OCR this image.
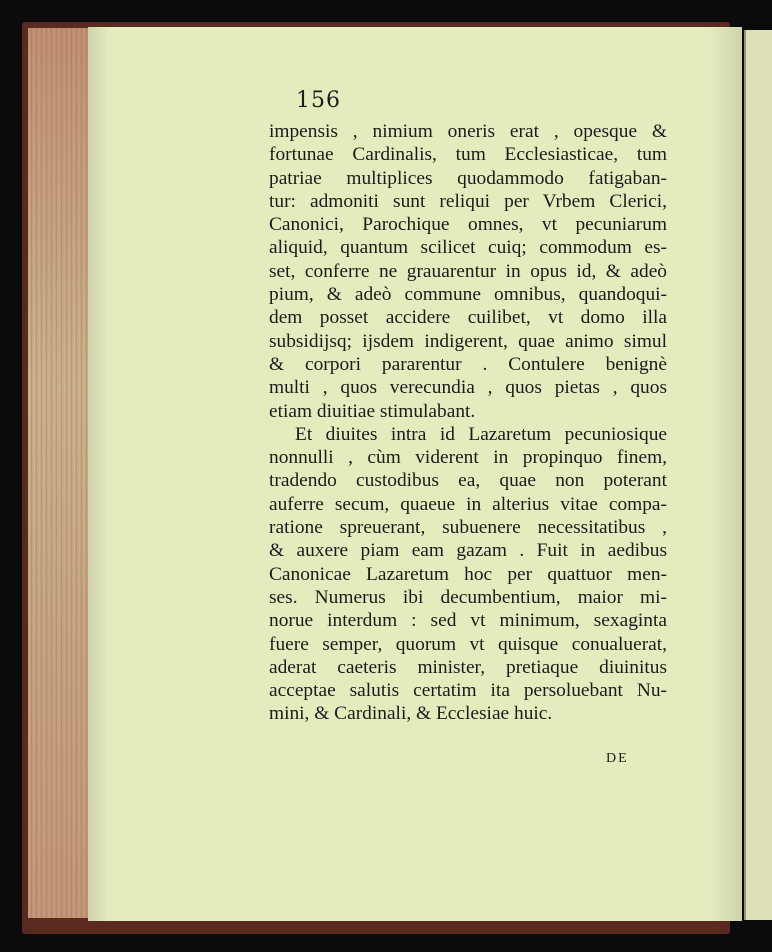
156
impensis , nimium oneris erat , opesque &
fortunae Cardinalis, tum Ecclesiasticae, tum
patriae multiplices quodammodo fatigaban-
tur: admoniti sunt reliqui per Vrbem Clerici,
Canonici, Parochique omnes, vt pecuniarum
aliquid, quantum scilicet cuiq; commodum es-
set, conferre ne grauarentur in opus id, & adeò
pium, & adeò commune omnibus, quandoqui-
dem posset accidere cuilibet, vt domo illa
subsidijsq; ijsdem indigerent, quae animo simul
& corpori pararentur . Contulere benignè
multi , quos verecundia , quos pietas , quos
etiam diuitiae stimulabant.
Et diuites intra id Lazaretum pecuniosique
nonnulli , cùm viderent in propinquo finem,
tradendo custodibus ea, quae non poterant
auferre secum, quaeue in alterius vitae compa-
ratione spreuerant, subuenere necessitatibus ,
& auxere piam eam gazam . Fuit in aedibus
Canonicae Lazaretum hoc per quattuor men-
ses. Numerus ibi decumbentium, maior mi-
norue interdum : sed vt minimum, sexaginta
fuere semper, quorum vt quisque conualuerat,
aderat caeteris minister, pretiaque diuinitus
acceptae salutis certatim ita persoluebant Nu-
mini, & Cardinali, & Ecclesiae huic.
DE
